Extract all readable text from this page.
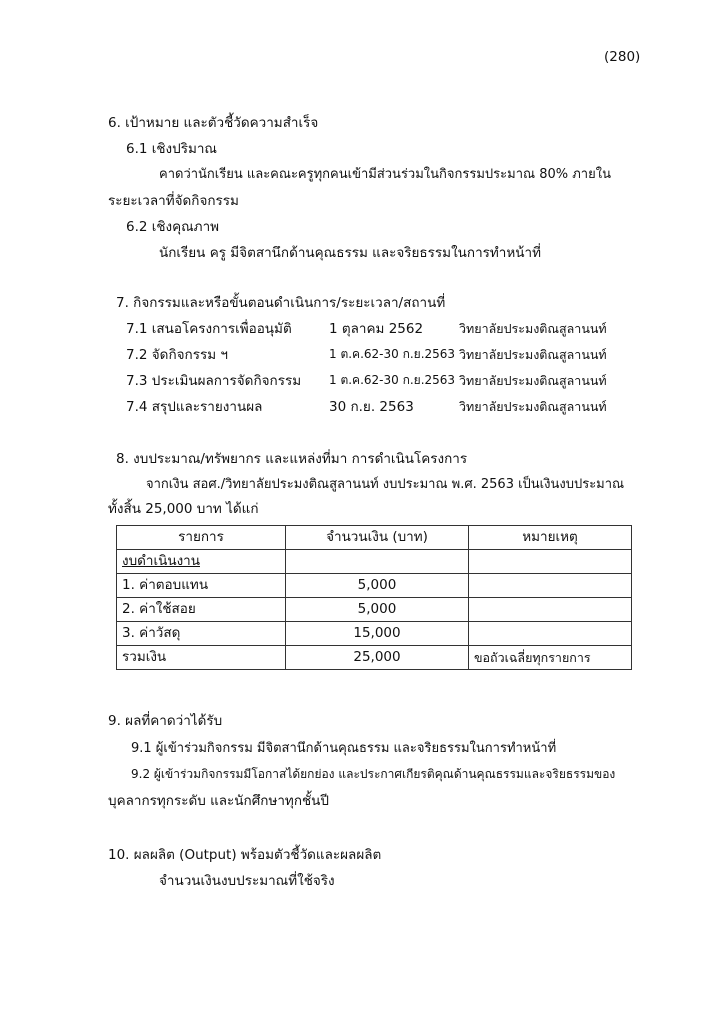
(280)
6. เป้าหมาย และตัวชี้วัดความสำเร็จ
6.1 เชิงปริมาณ
คาดว่านักเรียน และคณะครูทุกคนเข้ามีส่วนร่วมในกิจกรรมประมาณ 80% ภายใน
ระยะเวลาที่จัดกิจกรรม
6.2 เชิงคุณภาพ
นักเรียน ครู มีจิตสานึกด้านคุณธรรม และจริยธรรมในการทำหน้าที่
7. กิจกรรมและหรือขั้นตอนดำเนินการ/ระยะเวลา/สถานที่
7.1 เสนอโครงการเพื่ออนุมัติ	1 ตุลาคม 2562	วิทยาลัยประมงติณสูลานนท์
7.2 จัดกิจกรรม ฯ	1 ต.ค.62-30 ก.ย.2563 วิทยาลัยประมงติณสูลานนท์
7.3 ประเมินผลการจัดกิจกรรม 1 ต.ค.62-30 ก.ย.2563 วิทยาลัยประมงติณสูลานนท์
7.4 สรุปและรายงานผล	30 ก.ย. 2563	วิทยาลัยประมงติณสูลานนท์
8. งบประมาณ/ทรัพยากร และแหล่งที่มา การดำเนินโครงการ
จากเงิน สอศ./วิทยาลัยประมงติณสูลานนท์ งบประมาณ พ.ศ. 2563 เป็นเงินงบประมาณ
ทั้งสิ้น 25,000 บาท ได้แก่
รายการ	จำนวนเงิน (บาท)	หมายเหตุ
งบดำเนินงาน		
1. ค่าตอบแทน	5,000	
2. ค่าใช้สอย	5,000	
3. ค่าวัสดุ	15,000	
รวมเงิน	25,000	ขอถัวเฉลี่ยทุกรายการ
9. ผลที่คาดว่าได้รับ
9.1 ผู้เข้าร่วมกิจกรรม มีจิตสานึกด้านคุณธรรม และจริยธรรมในการทำหน้าที่
9.2 ผู้เข้าร่วมกิจกรรมมีโอกาสได้ยกย่อง และประกาศเกียรติคุณด้านคุณธรรมและจริยธรรมของ
บุคลากรทุกระดับ และนักศึกษาทุกชั้นปี
10. ผลผลิต (Output) พร้อมตัวชี้วัดและผลผลิต
จำนวนเงินงบประมาณที่ใช้จริง
